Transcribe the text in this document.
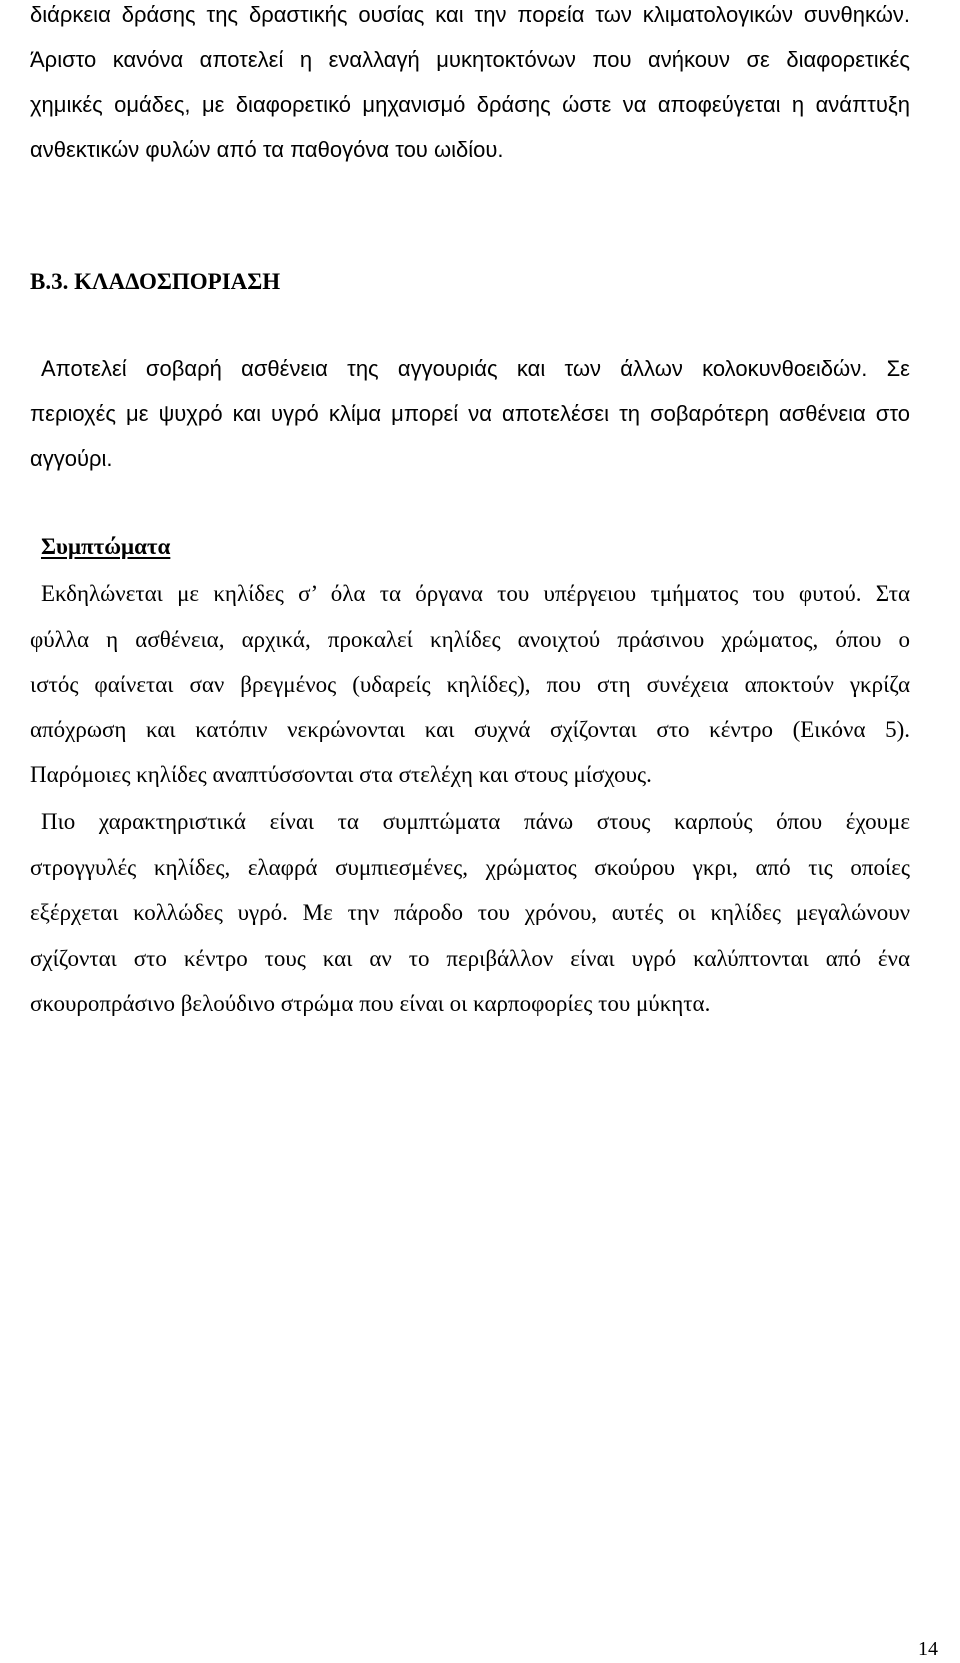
διάρκεια δράσης της δραστικής ουσίας και την πορεία των κλιματολογικών συνθηκών.
Άριστο κανόνα αποτελεί η εναλλαγή μυκητοκτόνων που ανήκουν σε διαφορετικές
χημικές ομάδες, με διαφορετικό μηχανισμό δράσης ώστε να αποφεύγεται η ανάπτυξη
ανθεκτικών φυλών από τα παθογόνα του ωιδίου.
Β.3. ΚΛΑΔΟΣΠΟΡΙΑΣΗ
Αποτελεί σοβαρή ασθένεια της αγγουριάς και των άλλων κολοκυνθοειδών. Σε
περιοχές με ψυχρό και υγρό κλίμα μπορεί να αποτελέσει τη σοβαρότερη ασθένεια στο
αγγούρι.
Συμπτώματα
Εκδηλώνεται με κηλίδες σ’ όλα τα όργανα του υπέργειου τμήματος του φυτού. Στα
φύλλα η ασθένεια, αρχικά, προκαλεί κηλίδες ανοιχτού πράσινου χρώματος, όπου ο
ιστός φαίνεται σαν βρεγμένος (υδαρείς κηλίδες), που στη συνέχεια αποκτούν γκρίζα
απόχρωση και κατόπιν νεκρώνονται και συχνά σχίζονται στο κέντρο (Εικόνα 5).
Παρόμοιες κηλίδες αναπτύσσονται στα στελέχη και στους μίσχους.
Πιο χαρακτηριστικά είναι τα συμπτώματα πάνω στους καρπούς όπου έχουμε
στρογγυλές κηλίδες, ελαφρά συμπιεσμένες, χρώματος σκούρου γκρι, από τις οποίες
εξέρχεται κολλώδες υγρό. Με την πάροδο του χρόνου, αυτές οι κηλίδες μεγαλώνουν
σχίζονται στο κέντρο τους και αν το περιβάλλον είναι υγρό καλύπτονται από ένα
σκουροπράσινο βελούδινο στρώμα που είναι οι καρποφορίες του μύκητα.
14
